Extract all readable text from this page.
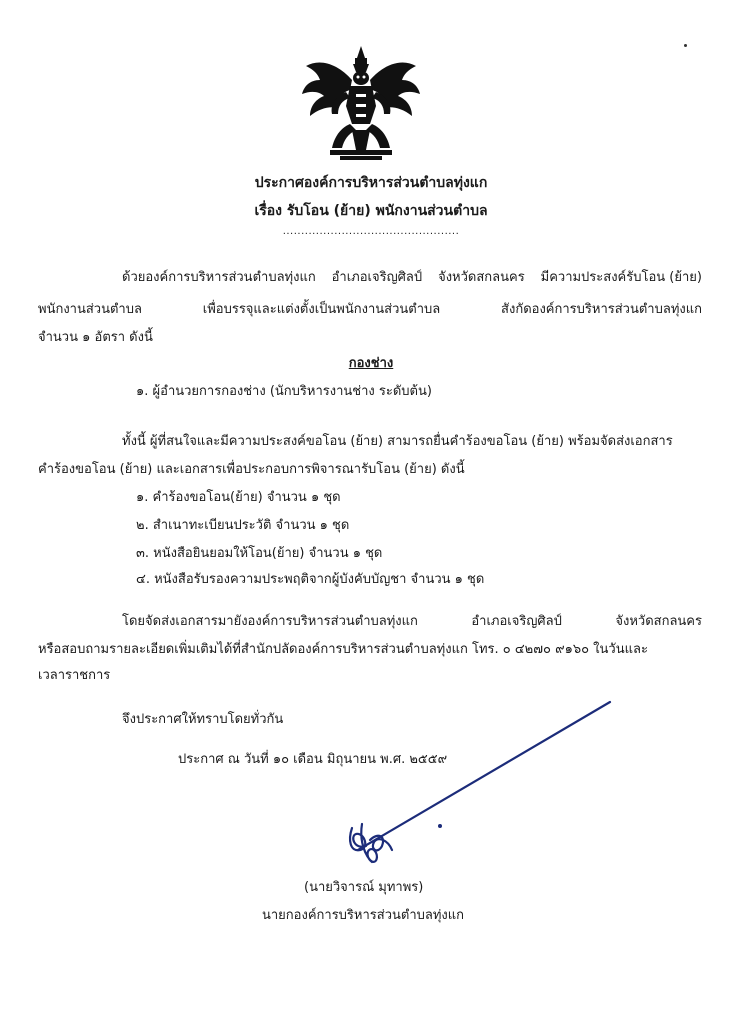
ประกาศองค์การบริหารส่วนตำบลทุ่งแก
เรื่อง รับโอน (ย้าย) พนักงานส่วนตำบล
................................................
ด้วยองค์การบริหารส่วนตำบลทุ่งแก อำเภอเจริญศิลป์ จังหวัดสกลนคร มีความประสงค์รับโอน (ย้าย)
พนักงานส่วนตำบล	เพื่อบรรจุและแต่งตั้งเป็นพนักงานส่วนตำบล	สังกัดองค์การบริหารส่วนตำบลทุ่งแก
จำนวน ๑ อัตรา ดังนี้
กองช่าง
๑. ผู้อำนวยการกองช่าง (นักบริหารงานช่าง ระดับต้น)
ทั้งนี้ ผู้ที่สนใจและมีความประสงค์ขอโอน (ย้าย) สามารถยื่นคำร้องขอโอน (ย้าย) พร้อมจัดส่งเอกสาร
คำร้องขอโอน (ย้าย) และเอกสารเพื่อประกอบการพิจารณารับโอน (ย้าย) ดังนี้
๑. คำร้องขอโอน(ย้าย) จำนวน ๑ ชุด
๒. สำเนาทะเบียนประวัติ จำนวน ๑ ชุด
๓. หนังสือยินยอมให้โอน(ย้าย) จำนวน ๑ ชุด
๔. หนังสือรับรองความประพฤติจากผู้บังคับบัญชา จำนวน ๑ ชุด
โดยจัดส่งเอกสารมายังองค์การบริหารส่วนตำบลทุ่งแก	อำเภอเจริญศิลป์	จังหวัดสกลนคร
หรือสอบถามรายละเอียดเพิ่มเติมได้ที่สำนักปลัดองค์การบริหารส่วนตำบลทุ่งแก โทร. ๐ ๔๒๗๐ ๙๑๖๐ ในวันและ
เวลาราชการ
จึงประกาศให้ทราบโดยทั่วกัน
ประกาศ ณ วันที่ ๑๐ เดือน มิถุนายน พ.ศ. ๒๕๕๙
(นายวิจารณ์ มุทาพร)
นายกองค์การบริหารส่วนตำบลทุ่งแก
